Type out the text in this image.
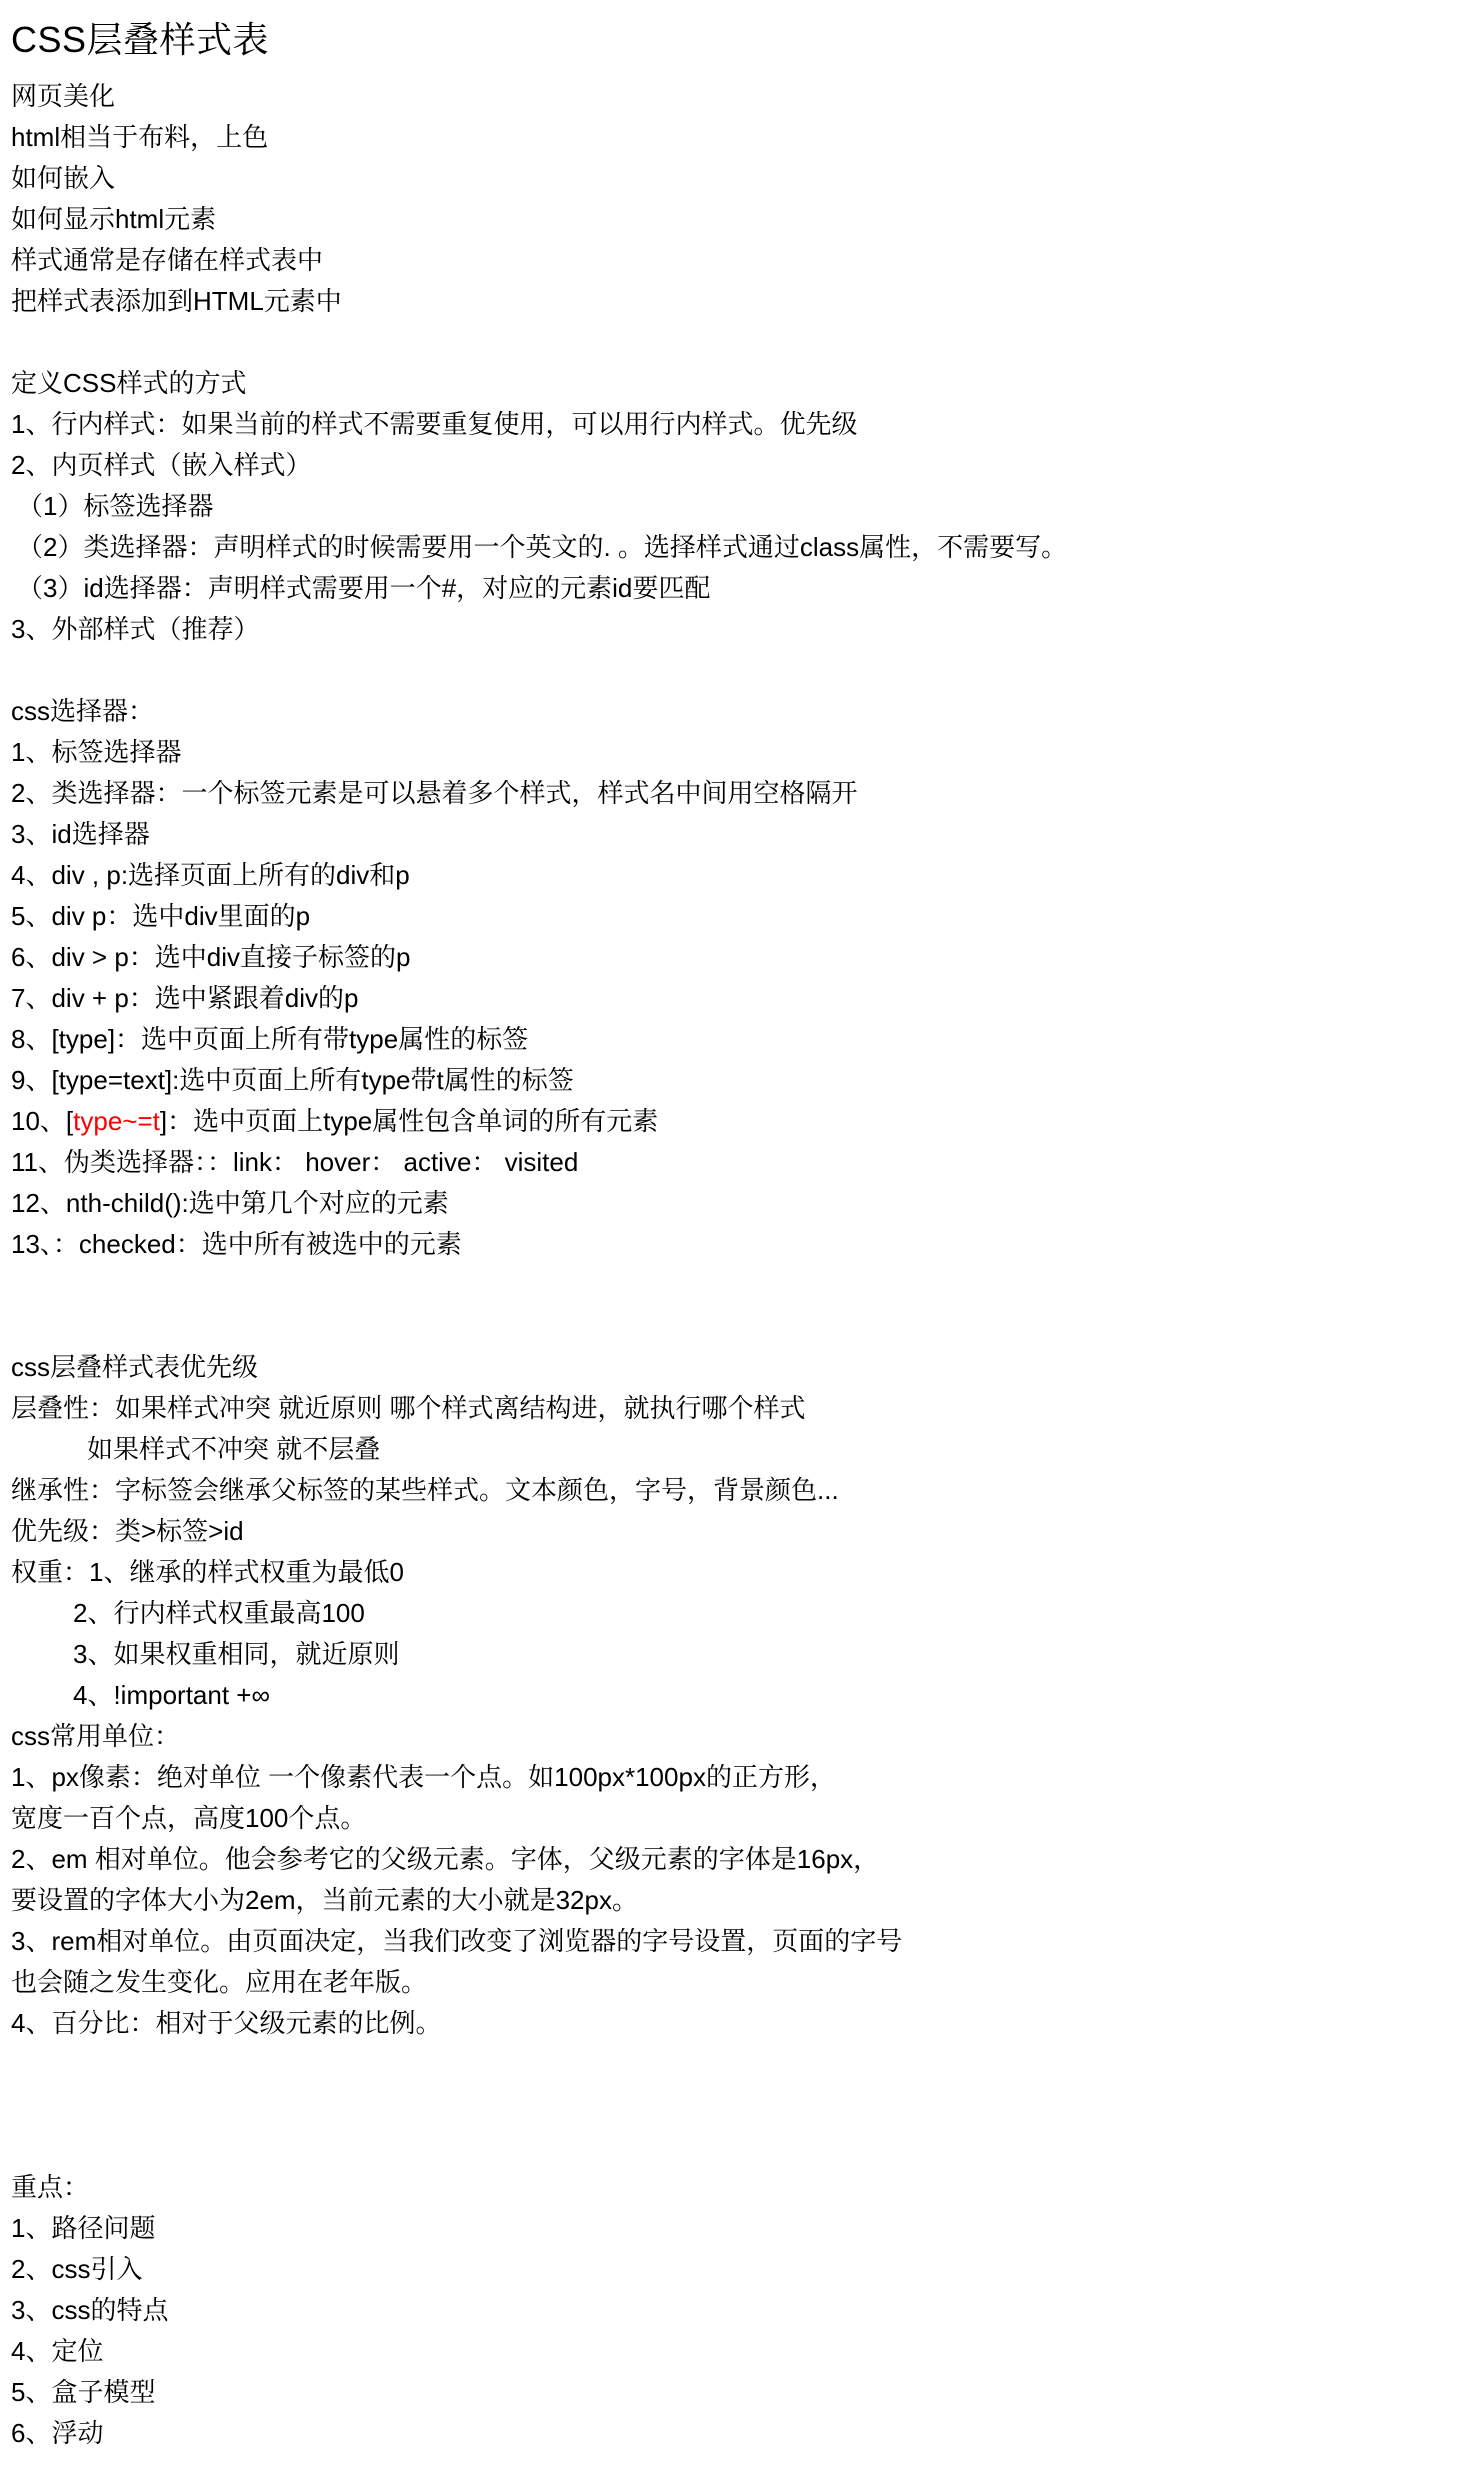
CSS层叠样式表

网页美化

html相当于布料，上色

如何嵌入

如何显示html元素

样式通常是存储在样式表中

把样式表添加到HTML元素中

定义CSS样式的方式

1、行内样式：如果当前的样式不需要重复使用，可以用行内样式。优先级

2、内页样式（嵌入样式）

（1）标签选择器

（2）类选择器：声明样式的时候需要用一个英文的. 。选择样式通过class属性，不需要写。

（3）id选择器：声明样式需要用一个#，对应的元素id要匹配

3、外部样式（推荐）

css选择器：

1、标签选择器

2、类选择器：一个标签元素是可以悬着多个样式，样式名中间用空格隔开

3、id选择器

4、div , p:选择页面上所有的div和p

5、div p：选中div里面的p

6、div > p：选中div直接子标签的p

7、div + p：选中紧跟着div的p

8、[type]：选中页面上所有带type属性的标签

9、[type=text]:选中页面上所有type带t属性的标签

10、[type~=t]：选中页面上type属性包含单词的所有元素

11、伪类选择器：：link： hover： active： visited

12、nth-child():选中第几个对应的元素

13、：checked：选中所有被选中的元素

css层叠样式表优先级

层叠性：如果样式冲突 就近原则 哪个样式离结构进，就执行哪个样式

如果样式不冲突 就不层叠

继承性：字标签会继承父标签的某些样式。文本颜色，字号，背景颜色...

优先级：类>标签>id

权重：1、继承的样式权重为最低0

2、行内样式权重最高100

3、如果权重相同，就近原则

4、!important +∞

css常用单位：

1、px像素：绝对单位 一个像素代表一个点。如100px*100px的正方形，

宽度一百个点，高度100个点。

2、em 相对单位。他会参考它的父级元素。字体，父级元素的字体是16px，

要设置的字体大小为2em，当前元素的大小就是32px。

3、rem相对单位。由页面决定，当我们改变了浏览器的字号设置，页面的字号

也会随之发生变化。应用在老年版。

4、百分比：相对于父级元素的比例。

重点：

1、路径问题

2、css引入

3、css的特点

4、定位

5、盒子模型

6、浮动
